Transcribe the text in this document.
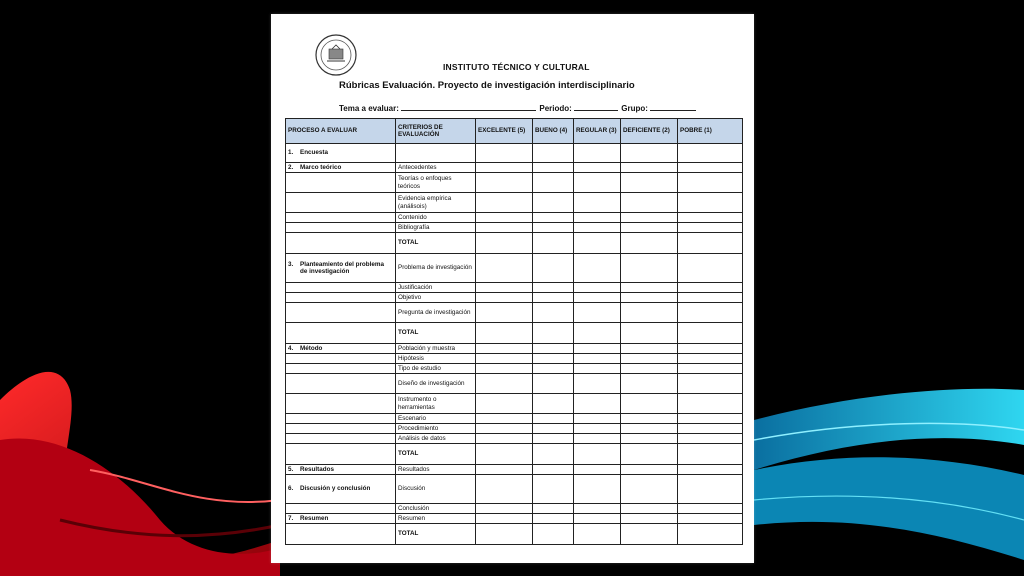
INSTITUTO TÉCNICO Y CULTURAL
Rúbricas Evaluación. Proyecto de investigación interdisciplinario
Tema a evaluar:	Periodo:	Grupo:
PROCESO A EVALUAR	CRITERIOS DE EVALUACIÓN	EXCELENTE (5)	BUENO (4)	REGULAR (3)	DEFICIENTE (2)	POBRE (1)
1. Encuesta						
2. Marco teórico	Antecedentes					
	Teorías o enfoques teóricos					
	Evidencia empírica (análisois)					
	Contenido					
	Bibliografía					
	TOTAL					
3. Planteamiento del problema de investigación	Problema de investigación					
	Justificación					
	Objetivo					
	Pregunta de investigación					
	TOTAL					
4. Método	Población y muestra					
	Hipótesis					
	Tipo de estudio					
	Diseño de investigación					
	Instrumento o herramientas					
	Escenario					
	Procedimiento					
	Análisis de datos					
	TOTAL					
5. Resultados	Resultados					
6. Discusión y conclusión	Discusión					
	Conclusión					
7. Resumen	Resumen					
	TOTAL					
